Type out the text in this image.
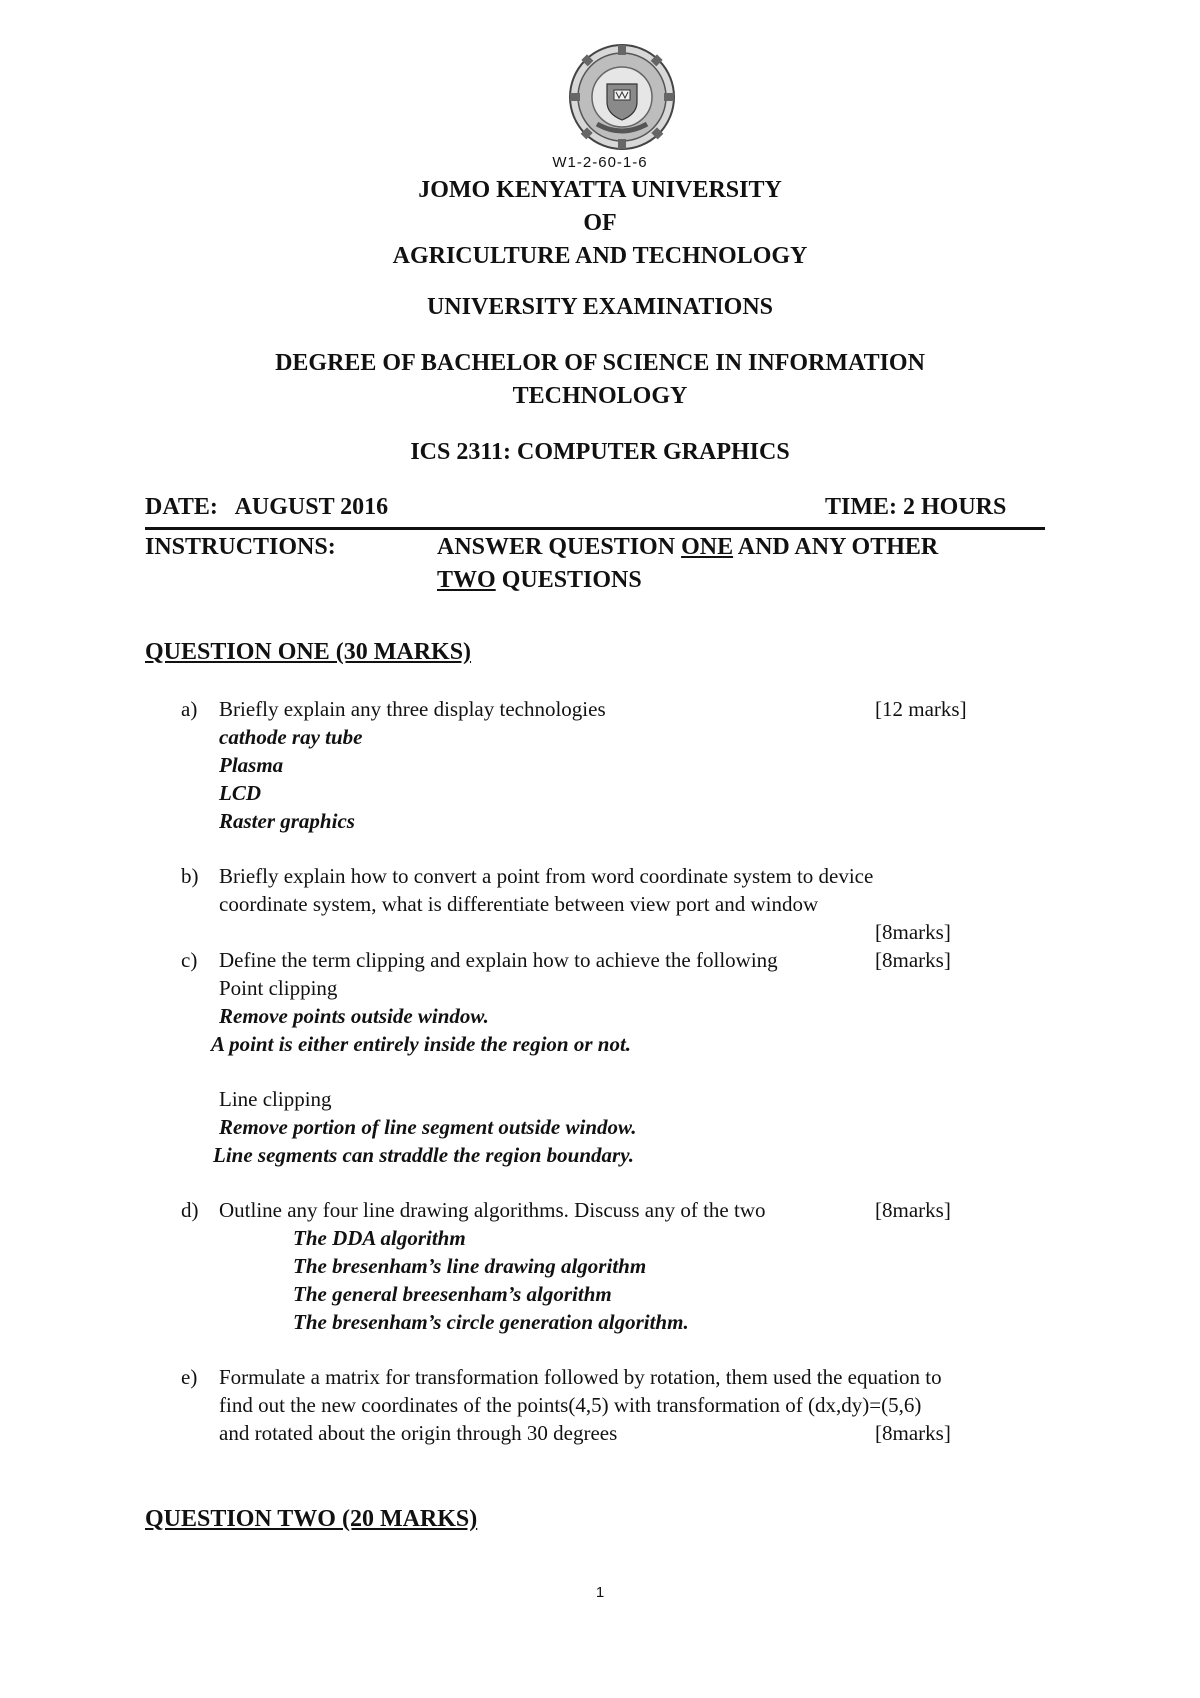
W1-2-60-1-6
JOMO KENYATTA UNIVERSITY
OF
AGRICULTURE AND TECHNOLOGY
UNIVERSITY EXAMINATIONS
DEGREE OF BACHELOR OF SCIENCE IN INFORMATION
TECHNOLOGY
ICS 2311: COMPUTER GRAPHICS
DATE:   AUGUST 2016	TIME: 2 HOURS
INSTRUCTIONS:	ANSWER QUESTION ONE AND ANY OTHER
TWO QUESTIONS
QUESTION ONE (30 MARKS)
a) Briefly explain any three display technologies	[12 marks]
cathode ray tube
Plasma
LCD
Raster graphics
b) Briefly explain how to convert a point from word coordinate system to device
coordinate system, what is differentiate between view port and window
[8marks]
c) Define the term clipping and explain how to achieve the following	[8marks]
Point clipping
Remove points outside window.
A point is either entirely inside the region or not.
Line clipping
Remove portion of line segment outside window.
Line segments can straddle the region boundary.
d) Outline any four line drawing algorithms. Discuss any of the two	[8marks]
The DDA algorithm
The bresenham’s line drawing algorithm
The general breesenham’s algorithm
The bresenham’s circle generation algorithm.
e) Formulate a matrix for transformation followed by rotation, them used the equation to
find out the new coordinates of the points(4,5) with transformation of (dx,dy)=(5,6)
and rotated about the origin through 30 degrees	[8marks]
QUESTION TWO (20 MARKS)
1
